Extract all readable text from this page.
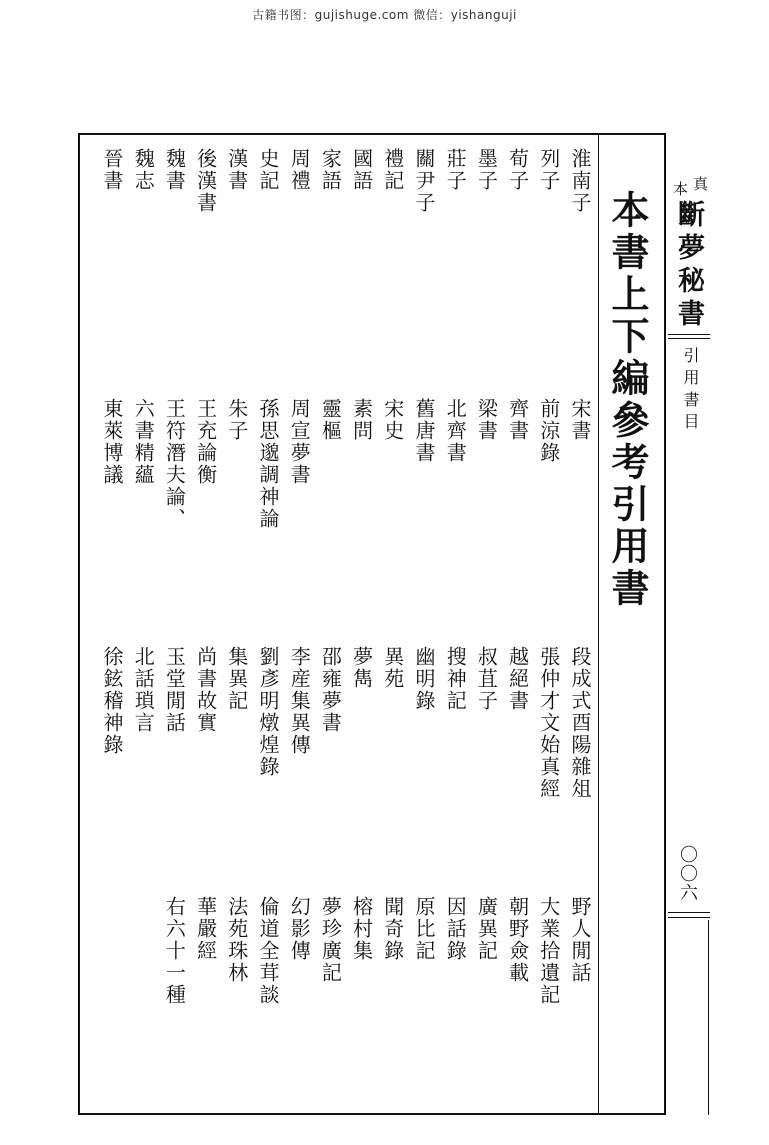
古籍书图：gujishuge.com 微信：yishanguji
真
本
斷夢秘書
引用書目
〇〇六
本書上下編參考引用書
淮南子
宋書
段成式酉陽雜俎
野人閒話
列子
前涼錄
張仲才文始真經
大業拾遺記
荀子
齊書
越絕書
朝野僉載
墨子
梁書
叔苴子
廣異記
莊子
北齊書
搜神記
因話錄
關尹子
舊唐書
幽明錄
原比記
禮記
宋史
異苑
聞奇錄
國語
素問
夢雋
榕村集
家語
靈樞
邵雍夢書
夢珍廣記
周禮
周宣夢書
李産集異傳
幻影傳
史記
孫思邈調神論
劉彥明燉煌錄
倫道全茸談
漢書
朱子
集異記
法苑珠林
後漢書
王充論衡
尚書故實
華嚴經
魏書
王符潛夫論、
玉堂閒話
右六十一種
魏志
六書精蘊
北話瑣言
晉書
東萊博議
徐鉉稽神錄
